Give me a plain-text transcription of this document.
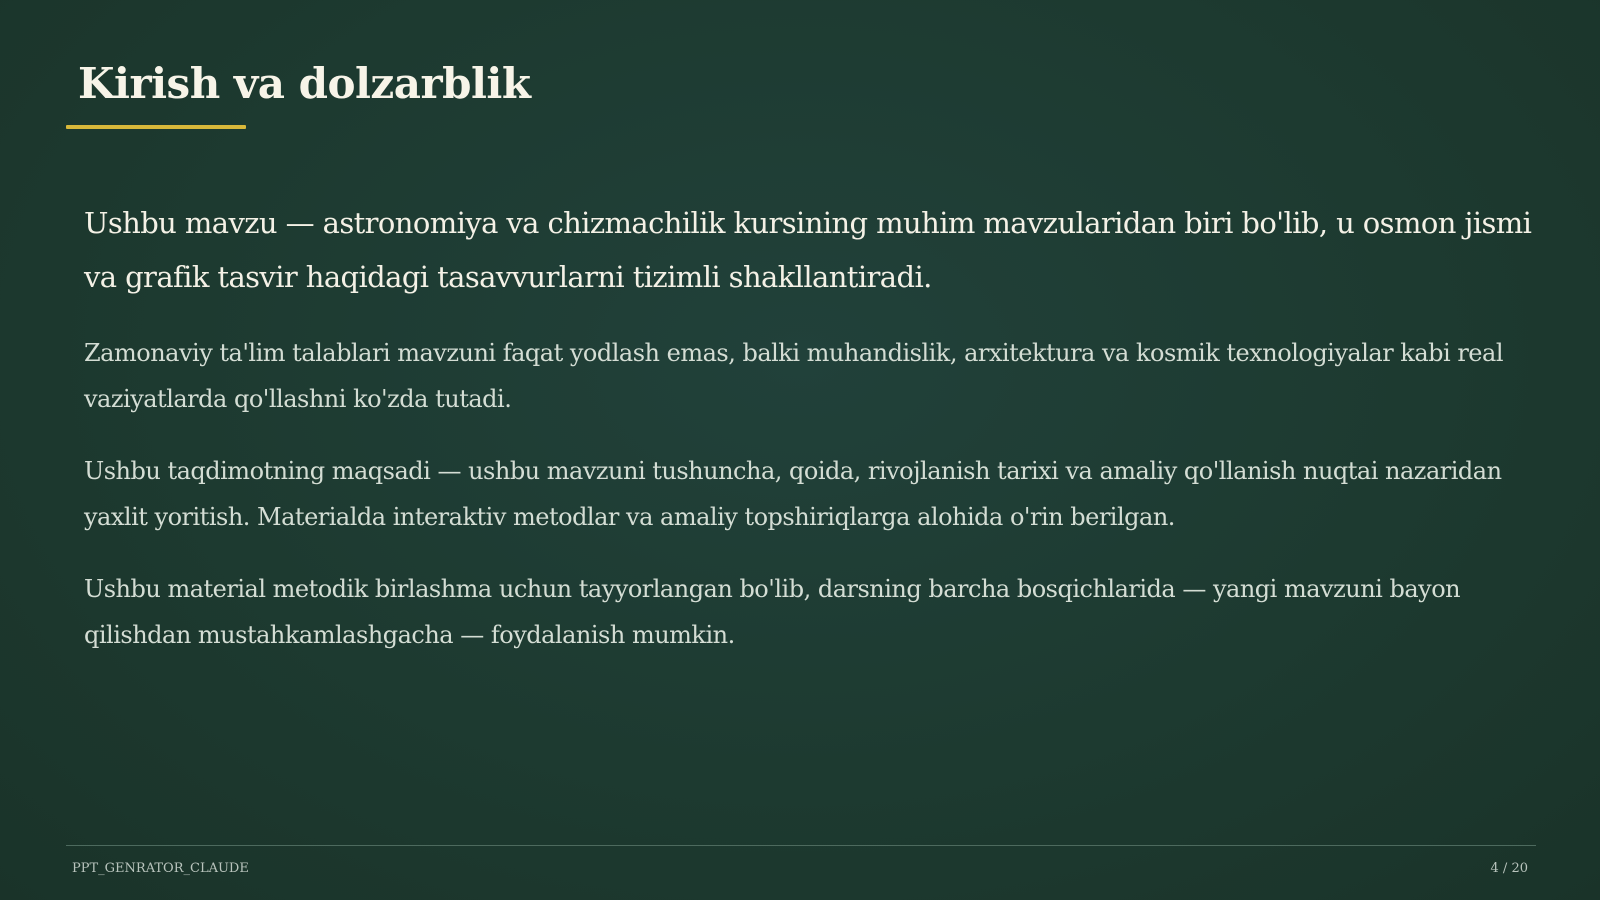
Kirish va dolzarblik

Ushbu mavzu — astronomiya va chizmachilik kursining muhim mavzularidan biri bo'lib, u osmon jismi va grafik tasvir haqidagi tasavvurlarni tizimli shakllantiradi.

Zamonaviy ta'lim talablari mavzuni faqat yodlash emas, balki muhandislik, arxitektura va kosmik texnologiyalar kabi real vaziyatlarda qo'llashni ko'zda tutadi.

Ushbu taqdimotning maqsadi — ushbu mavzuni tushuncha, qoida, rivojlanish tarixi va amaliy qo'llanish nuqtai nazaridan yaxlit yoritish. Materialda interaktiv metodlar va amaliy topshiriqlarga alohida o'rin berilgan.

Ushbu material metodik birlashma uchun tayyorlangan bo'lib, darsning barcha bosqichlarida — yangi mavzuni bayon qilishdan mustahkamlashgacha — foydalanish mumkin.

PPT_GENRATOR_CLAUDE	4 / 20
